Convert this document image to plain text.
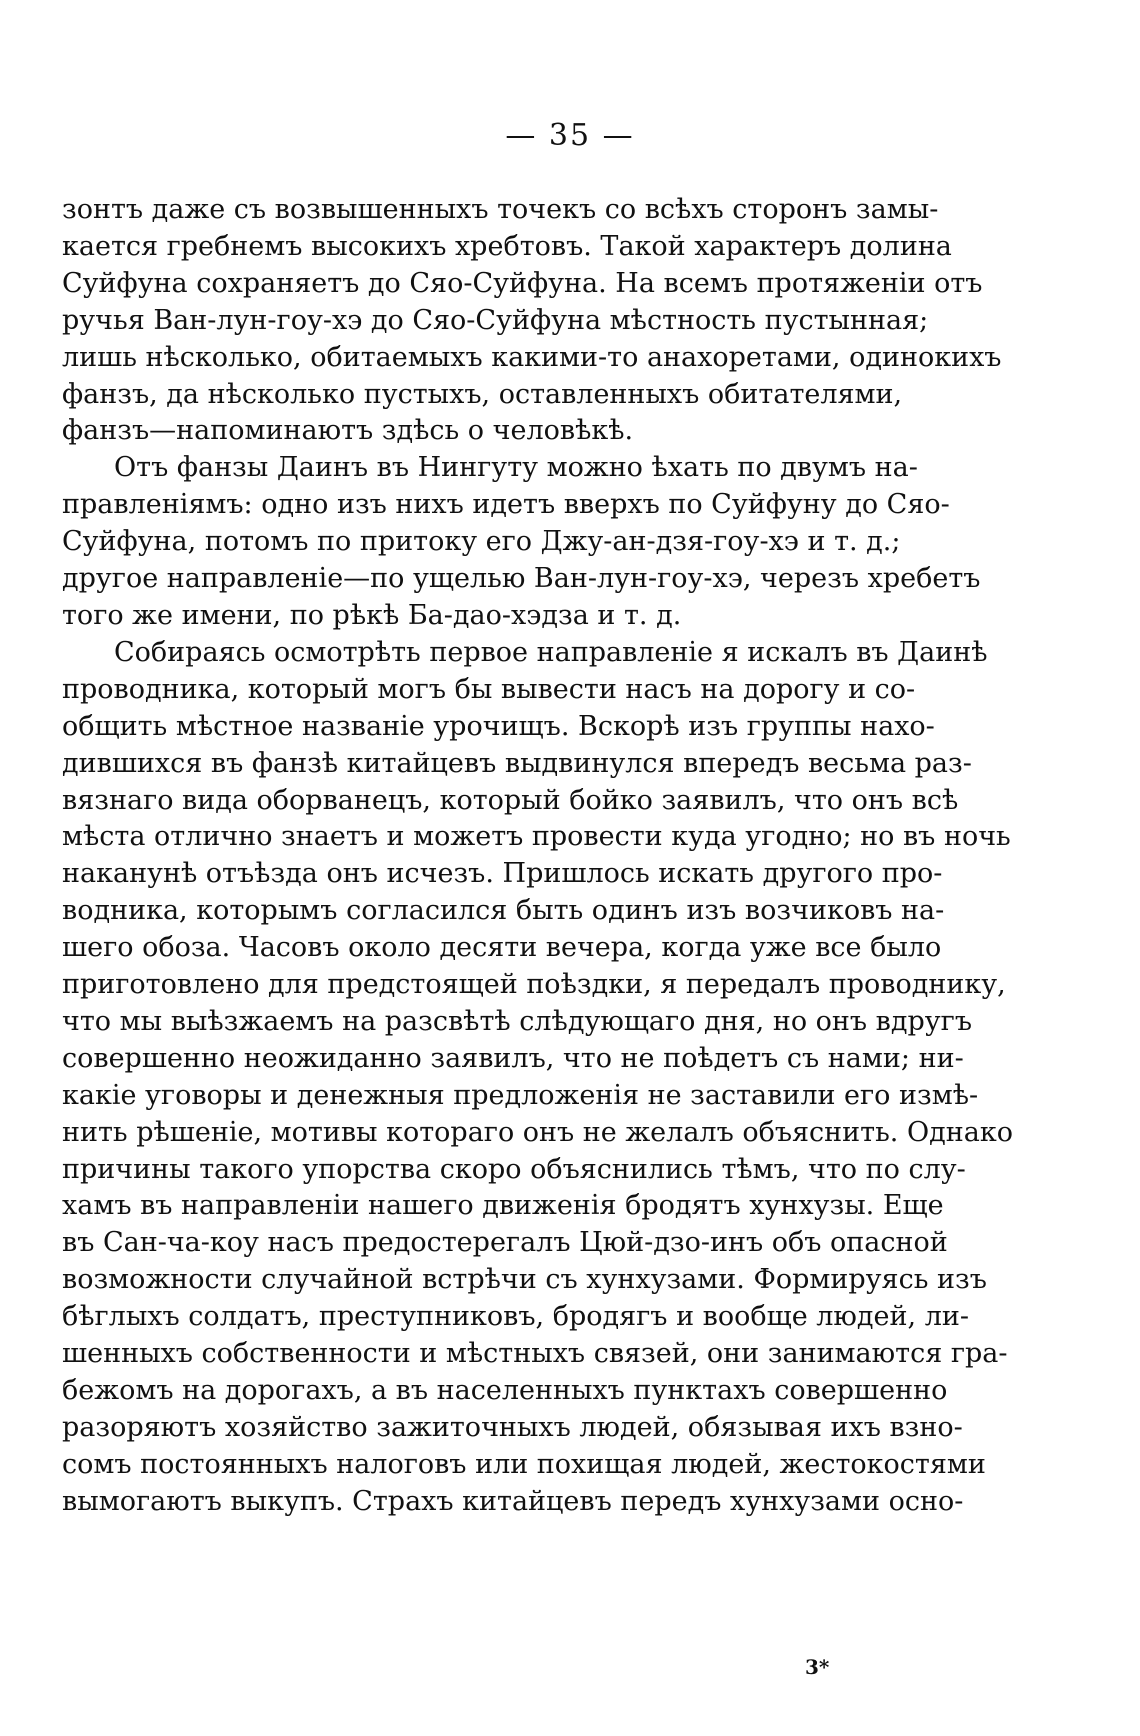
— 35 —
зонтъ даже съ возвышенныхъ точекъ со всѣхъ сторонъ замы-
кается гребнемъ высокихъ хребтовъ. Такой характеръ долина
Суйфуна сохраняетъ до Сяо-Суйфуна. На всемъ протяженіи отъ
ручья Ван-лун-гоу-хэ до Сяо-Суйфуна мѣстность пустынная;
лишь нѣсколько, обитаемыхъ какими-то анахоретами, одинокихъ
фанзъ, да нѣсколько пустыхъ, оставленныхъ обитателями,
фанзъ—напоминаютъ здѣсь о человѣкѣ.
Отъ фанзы Даинъ въ Нингуту можно ѣхать по двумъ на-
правленіямъ: одно изъ нихъ идетъ вверхъ по Суйфуну до Сяо-
Суйфуна, потомъ по притоку его Джу-ан-дзя-гоу-хэ и т. д.;
другое направленіе—по ущелью Ван-лун-гоу-хэ, черезъ хребетъ
того же имени, по рѣкѣ Ба-дао-хэдза и т. д.
Собираясь осмотрѣть первое направленіе я искалъ въ Даинѣ
проводника, который могъ бы вывести насъ на дорогу и со-
общить мѣстное названіе урочищъ. Вскорѣ изъ группы нахо-
дившихся въ фанзѣ китайцевъ выдвинулся впередъ весьма раз-
вязнаго вида оборванецъ, который бойко заявилъ, что онъ всѣ
мѣста отлично знаетъ и можетъ провести куда угодно; но въ ночь
наканунѣ отъѣзда онъ исчезъ. Пришлось искать другого про-
водника, которымъ согласился быть одинъ изъ возчиковъ на-
шего обоза. Часовъ около десяти вечера, когда уже все было
приготовлено для предстоящей поѣздки, я передалъ проводнику,
что мы выѣзжаемъ на разсвѣтѣ слѣдующаго дня, но онъ вдругъ
совершенно неожиданно заявилъ, что не поѣдетъ съ нами; ни-
какіе уговоры и денежныя предложенія не заставили его измѣ-
нить рѣшеніе, мотивы котораго онъ не желалъ объяснить. Однако
причины такого упорства скоро объяснились тѣмъ, что по слу-
хамъ въ направленіи нашего движенія бродятъ хунхузы. Еще
въ Сан-ча-коу насъ предостерегалъ Цюй-дзо-инъ объ опасной
возможности случайной встрѣчи съ хунхузами. Формируясь изъ
бѣглыхъ солдатъ, преступниковъ, бродягъ и вообще людей, ли-
шенныхъ собственности и мѣстныхъ связей, они занимаются гра-
бежомъ на дорогахъ, а въ населенныхъ пунктахъ совершенно
разоряютъ хозяйство зажиточныхъ людей, обязывая ихъ взно-
сомъ постоянныхъ налоговъ или похищая людей, жестокостями
вымогаютъ выкупъ. Страхъ китайцевъ передъ хунхузами осно-
3*
